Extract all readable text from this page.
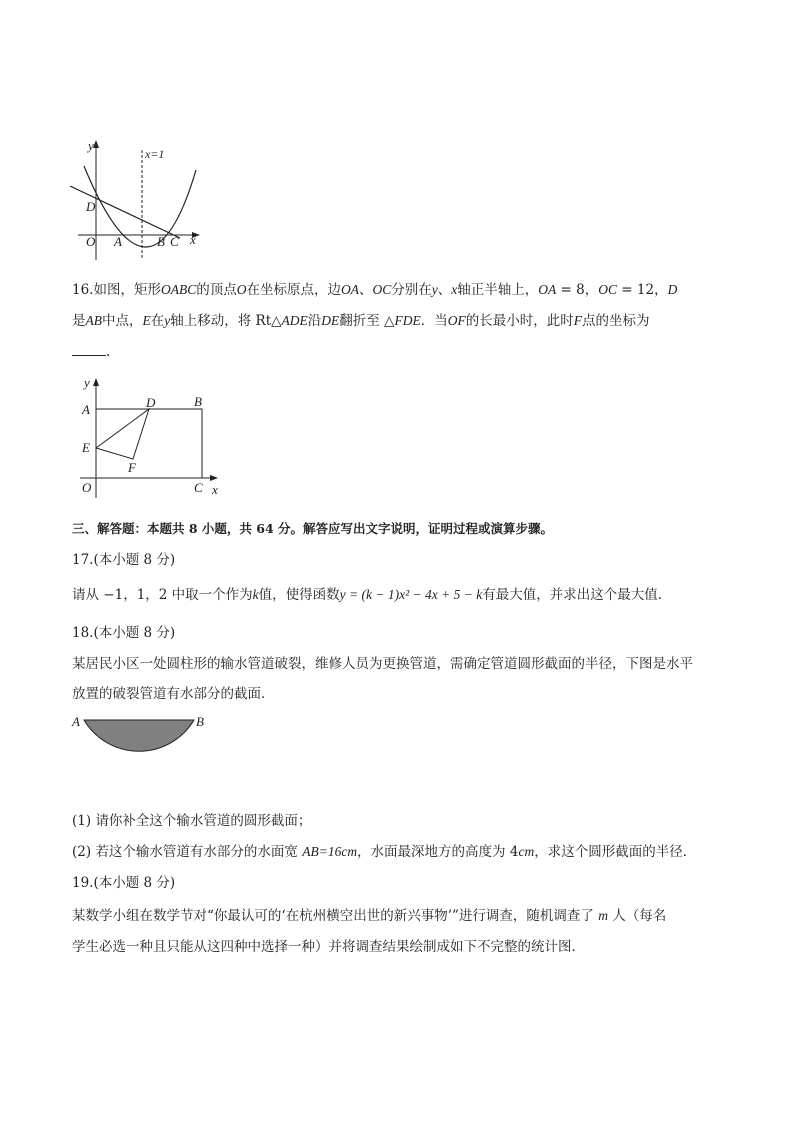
y
x
x=1
D
O A	B C
16.如图，矩形OABC的顶点O在坐标原点，边OA、OC分别在y、x轴正半轴上，OA = 8，OC = 12，D
是AB中点，E在y轴上移动，将 Rt△ADE沿DE翻折至 △FDE．当OF的长最小时，此时F点的坐标为
.
y
x
A
B
D
E
F
O	C
三、解答题：本题共 8 小题，共 64 分。解答应写出文字说明，证明过程或演算步骤。
17.(本小题 8 分)
请从 −1，1，2 中取一个作为k值，使得函数y = (k − 1)x² − 4x + 5 − k有最大值，并求出这个最大值．
18.(本小题 8 分)
某居民小区一处圆柱形的输水管道破裂，维修人员为更换管道，需确定管道圆形截面的半径，下图是水平
放置的破裂管道有水部分的截面．
A	B
(1) 请你补全这个输水管道的圆形截面；
(2) 若这个输水管道有水部分的水面宽 AB=16cm，水面最深地方的高度为 4cm，求这个圆形截面的半径．
19.(本小题 8 分)
某数学小组在数学节对“你最认可的‘在杭州横空出世的新兴事物’”进行调查，随机调查了 m 人（每名
学生必选一种且只能从这四种中选择一种）并将调查结果绘制成如下不完整的统计图．
